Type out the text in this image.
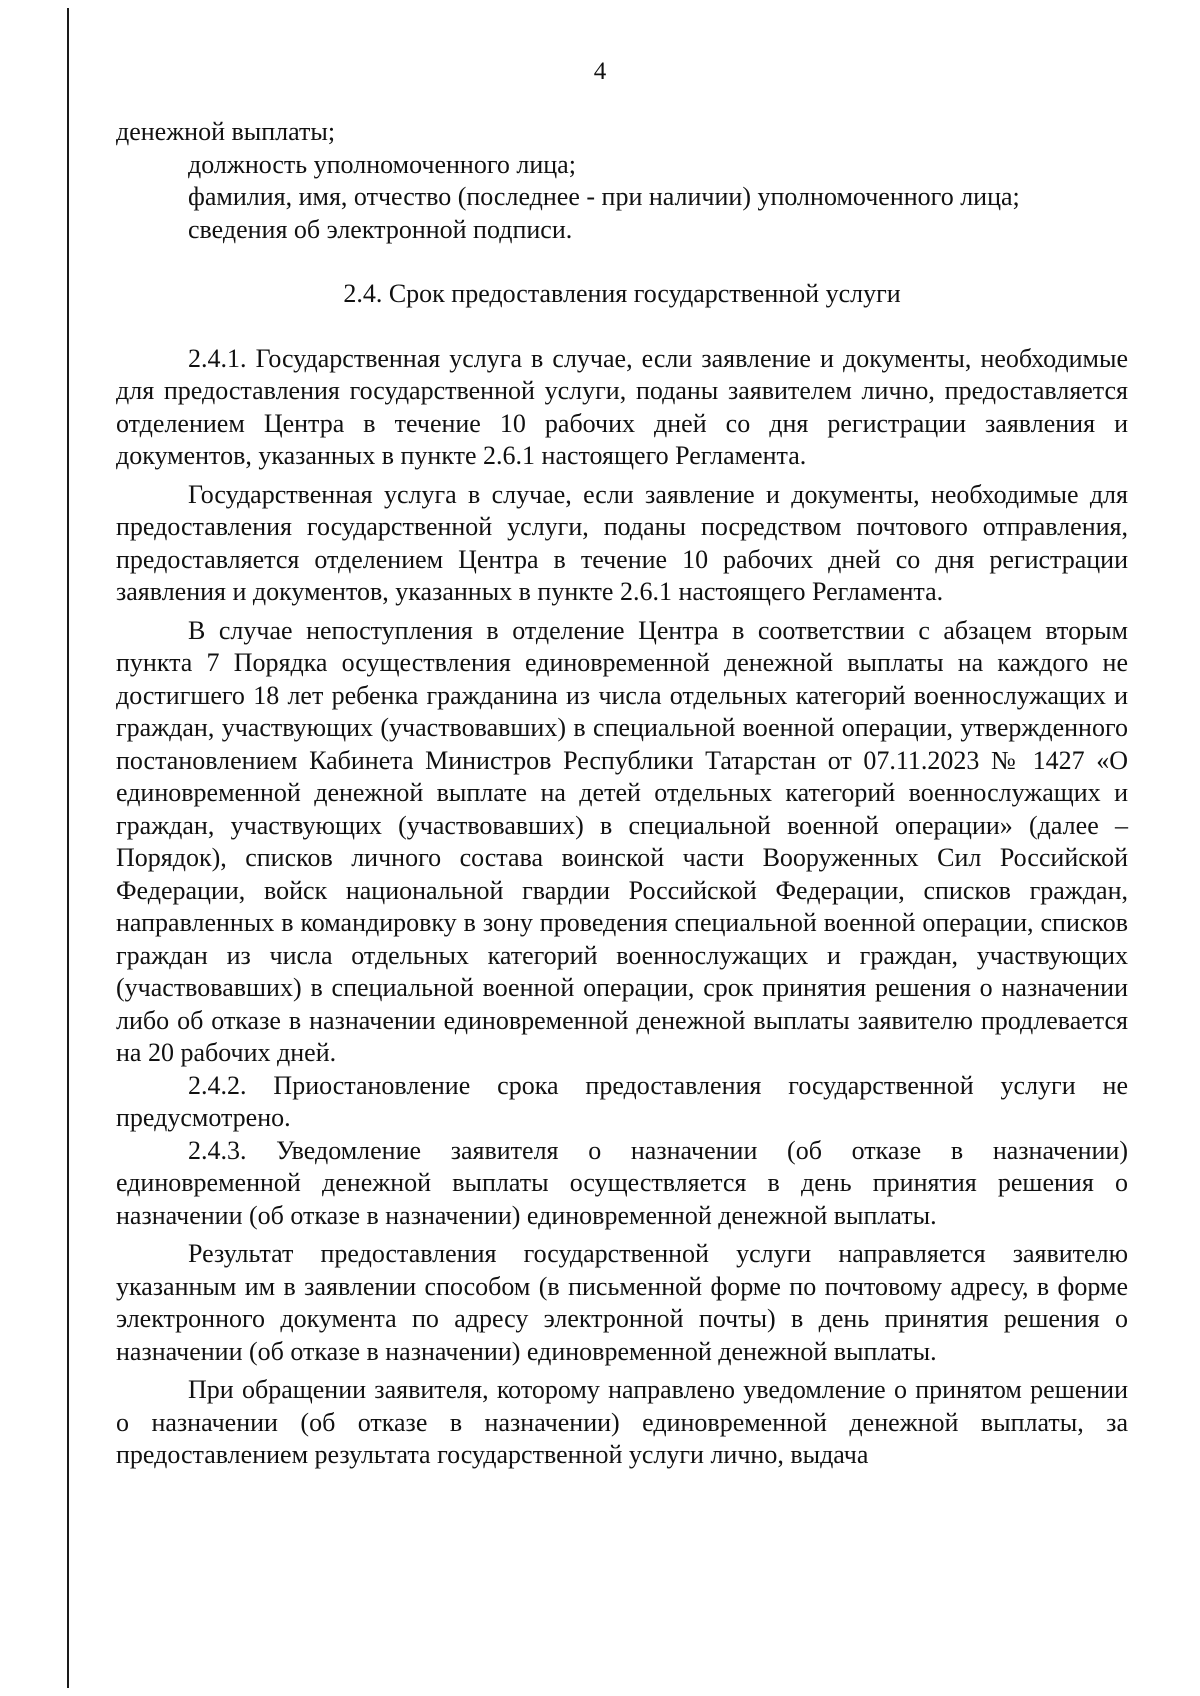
4

денежной выплаты;

должность уполномоченного лица;

фамилия, имя, отчество (последнее - при наличии) уполномоченного лица;

сведения об электронной подписи.

2.4. Срок предоставления государственной услуги

2.4.1. Государственная услуга в случае, если заявление и документы, необходимые для предоставления государственной услуги, поданы заявителем лично, предоставляется отделением Центра в течение 10 рабочих дней со дня регистрации заявления и документов, указанных в пункте 2.6.1 настоящего Регламента.

Государственная услуга в случае, если заявление и документы, необходимые для предоставления государственной услуги, поданы посредством почтового отправления, предоставляется отделением Центра в течение 10 рабочих дней со дня регистрации заявления и документов, указанных в пункте 2.6.1 настоящего Регламента.

В случае непоступления в отделение Центра в соответствии с абзацем вторым пункта 7 Порядка осуществления единовременной денежной выплаты на каждого не достигшего 18 лет ребенка гражданина из числа отдельных категорий военнослужащих и граждан, участвующих (участвовавших) в специальной военной операции, утвержденного постановлением Кабинета Министров Республики Татарстан от 07.11.2023 № 1427 «О единовременной денежной выплате на детей отдельных категорий военнослужащих и граждан, участвующих (участвовавших) в специальной военной операции» (далее – Порядок), списков личного состава воинской части Вооруженных Сил Российской Федерации, войск национальной гвардии Российской Федерации, списков граждан, направленных в командировку в зону проведения специальной военной операции, списков граждан из числа отдельных категорий военнослужащих и граждан, участвующих (участвовавших) в специальной военной операции, срок принятия решения о назначении либо об отказе в назначении единовременной денежной выплаты заявителю продлевается на 20 рабочих дней.

2.4.2. Приостановление срока предоставления государственной услуги не предусмотрено.

2.4.3. Уведомление заявителя о назначении (об отказе в назначении) единовременной денежной выплаты осуществляется в день принятия решения о назначении (об отказе в назначении) единовременной денежной выплаты.

Результат предоставления государственной услуги направляется заявителю указанным им в заявлении способом (в письменной форме по почтовому адресу, в форме электронного документа по адресу электронной почты) в день принятия решения о назначении (об отказе в назначении) единовременной денежной выплаты.

При обращении заявителя, которому направлено уведомление о принятом решении о назначении (об отказе в назначении) единовременной денежной выплаты, за предоставлением результата государственной услуги лично, выдача
